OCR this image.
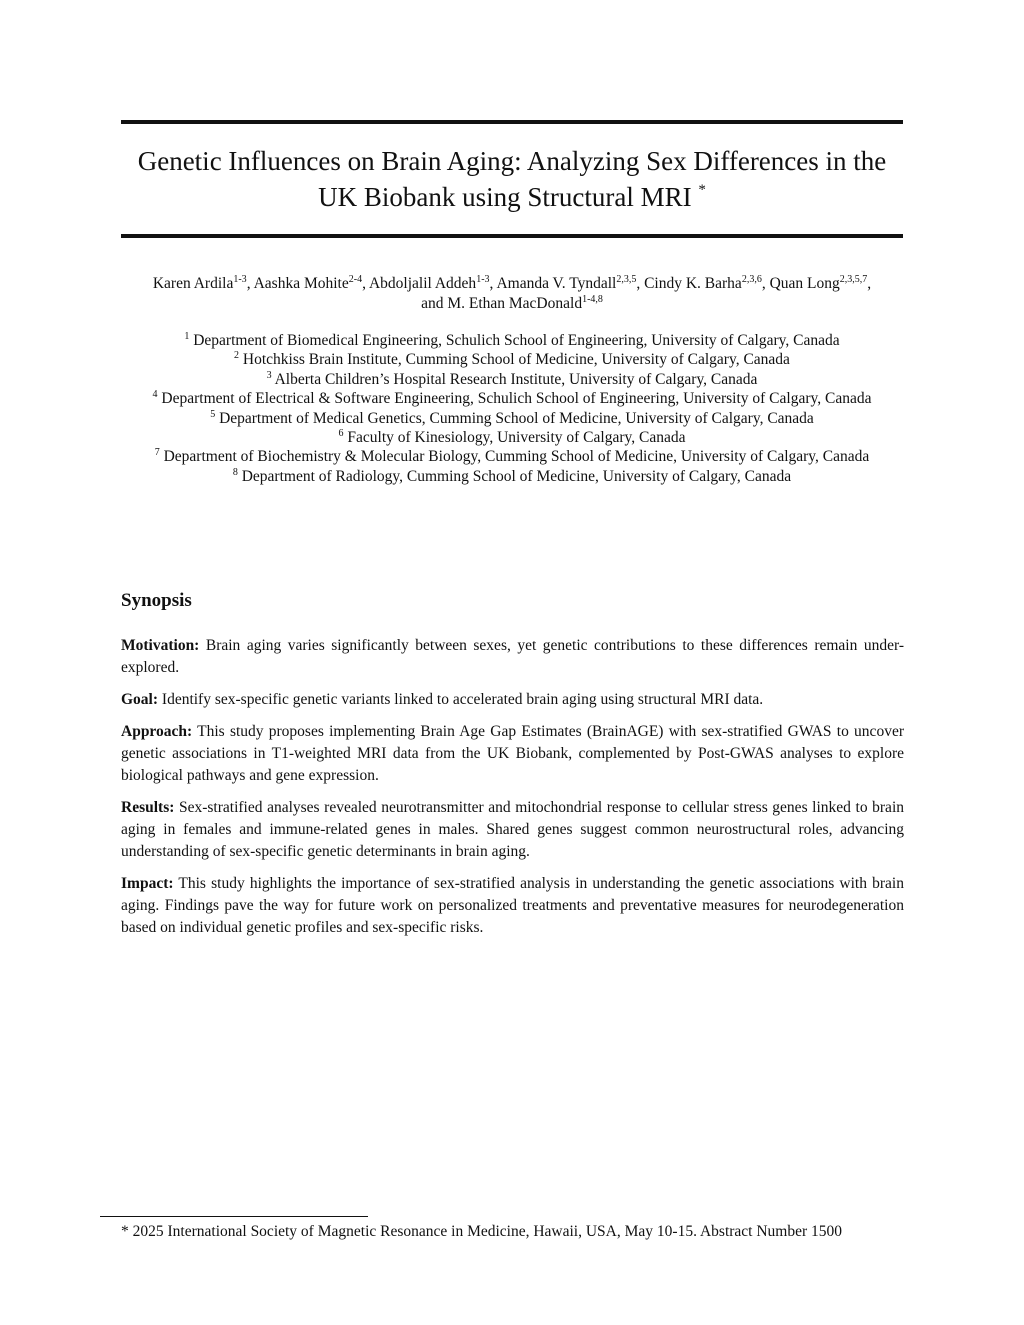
Genetic Influences on Brain Aging: Analyzing Sex Differences in the UK Biobank using Structural MRI *
Karen Ardila$^{1-3}$, Aashka Mohite$^{2-4}$, Abdoljalil Addeh$^{1-3}$, Amanda V. Tyndall$^{2,3,5}$, Cindy K. Barha$^{2,3,6}$, Quan Long$^{2,3,5,7}$,
and M. Ethan MacDonald$^{1-4,8}$
$^1$ Department of Biomedical Engineering, Schulich School of Engineering, University of Calgary, Canada
$^2$ Hotchkiss Brain Institute, Cumming School of Medicine, University of Calgary, Canada
$^3$ Alberta Children’s Hospital Research Institute, University of Calgary, Canada
$^4$ Department of Electrical & Software Engineering, Schulich School of Engineering, University of Calgary, Canada
$^5$ Department of Medical Genetics, Cumming School of Medicine, University of Calgary, Canada
$^6$ Faculty of Kinesiology, University of Calgary, Canada
$^7$ Department of Biochemistry & Molecular Biology, Cumming School of Medicine, University of Calgary, Canada
$^8$ Department of Radiology, Cumming School of Medicine, University of Calgary, Canada
Synopsis

Motivation: Brain aging varies significantly between sexes, yet genetic contributions to these differences remain under-explored.

Goal: Identify sex-specific genetic variants linked to accelerated brain aging using structural MRI data.

Approach: This study proposes implementing Brain Age Gap Estimates (BrainAGE) with sex-stratified GWAS to uncover genetic associations in T1-weighted MRI data from the UK Biobank, complemented by Post-GWAS analyses to explore biological pathways and gene expression.

Results: Sex-stratified analyses revealed neurotransmitter and mitochondrial response to cellular stress genes linked to brain aging in females and immune-related genes in males. Shared genes suggest common neurostructural roles, advancing understanding of sex-specific genetic determinants in brain aging.

Impact: This study highlights the importance of sex-stratified analysis in understanding the genetic associations with brain aging. Findings pave the way for future work on personalized treatments and preventative measures for neurodegeneration based on individual genetic profiles and sex-specific risks.

* 2025 International Society of Magnetic Resonance in Medicine, Hawaii, USA, May 10-15. Abstract Number 1500
